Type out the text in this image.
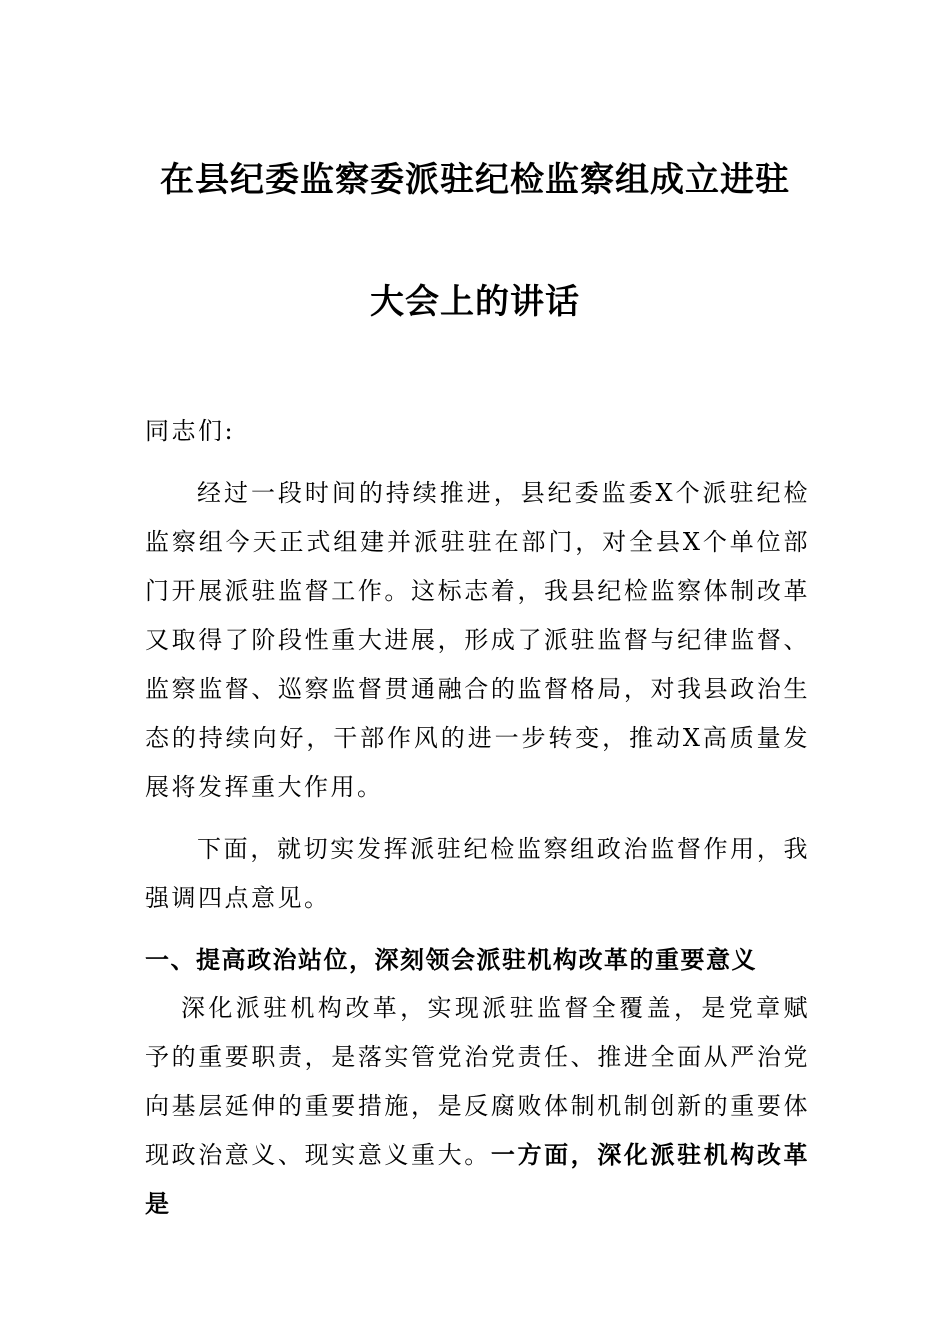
在县纪委监察委派驻纪检监察组成立进驻
大会上的讲话

同志们:

经过一段时间的持续推进，县纪委监委X个派驻纪检监察组今天正式组建并派驻驻在部门，对全县X个单位部门开展派驻监督工作。这标志着，我县纪检监察体制改革又取得了阶段性重大进展，形成了派驻监督与纪律监督、监察监督、巡察监督贯通融合的监督格局，对我县政治生态的持续向好，干部作风的进一步转变，推动X高质量发展将发挥重大作用。

下面，就切实发挥派驻纪检监察组政治监督作用，我强调四点意见。

一、提高政治站位，深刻领会派驻机构改革的重要意义

深化派驻机构改革，实现派驻监督全覆盖，是党章赋予的重要职责，是落实管党治党责任、推进全面从严治党向基层延伸的重要措施，是反腐败体制机制创新的重要体现政治意义、现实意义重大。一方面，深化派驻机构改革是
